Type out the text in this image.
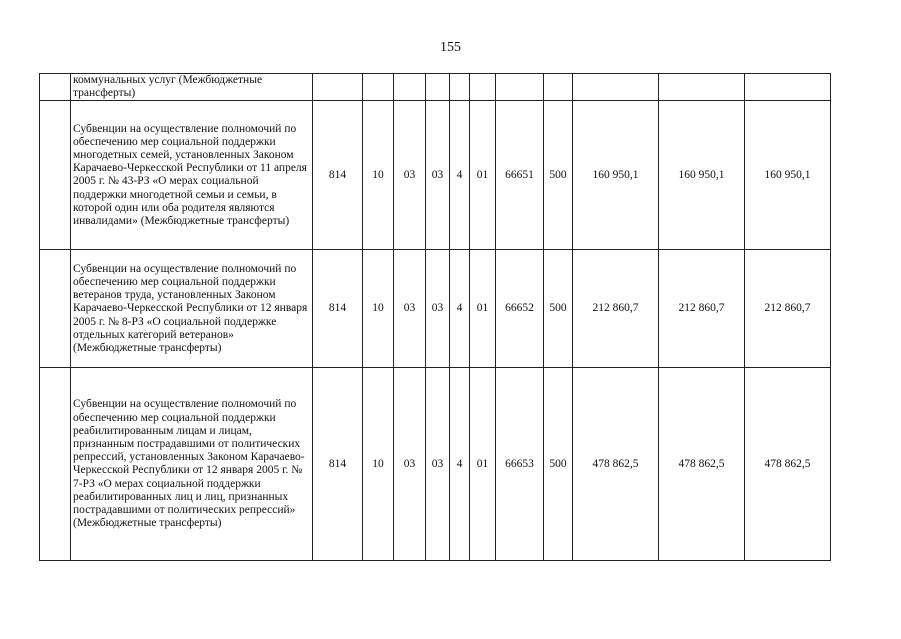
155
	коммунальных услуг (Межбюджетные трансферты)											
	Субвенции на осуществление полномочий по обеспечению мер социальной поддержки многодетных семей, установленных Законом Карачаево-Черкесской Республики от 11 апреля 2005 г. № 43-РЗ «О мерах социальной поддержки многодетной семьи и семьи, в которой один или оба родителя являются инвалидами» (Межбюджетные трансферты)	814	10	03	03	4	01	66651	500	160 950,1	160 950,1	160 950,1
	Субвенции на осуществление полномочий по обеспечению мер социальной поддержки ветеранов труда, установленных Законом Карачаево-Черкесской Республики от 12 января 2005 г. № 8-РЗ «О социальной поддержке отдельных категорий ветеранов» (Межбюджетные трансферты)	814	10	03	03	4	01	66652	500	212 860,7	212 860,7	212 860,7
	Субвенции на осуществление полномочий по обеспечению мер социальной поддержки реабилитированным лицам и лицам, признанным пострадавшими от политических репрессий, установленных Законом Карачаево-Черкесской Республики от 12 января 2005 г. № 7-РЗ «О мерах социальной поддержки реабилитированных лиц и лиц, признанных пострадавшими от политических репрессий» (Межбюджетные трансферты)	814	10	03	03	4	01	66653	500	478 862,5	478 862,5	478 862,5
